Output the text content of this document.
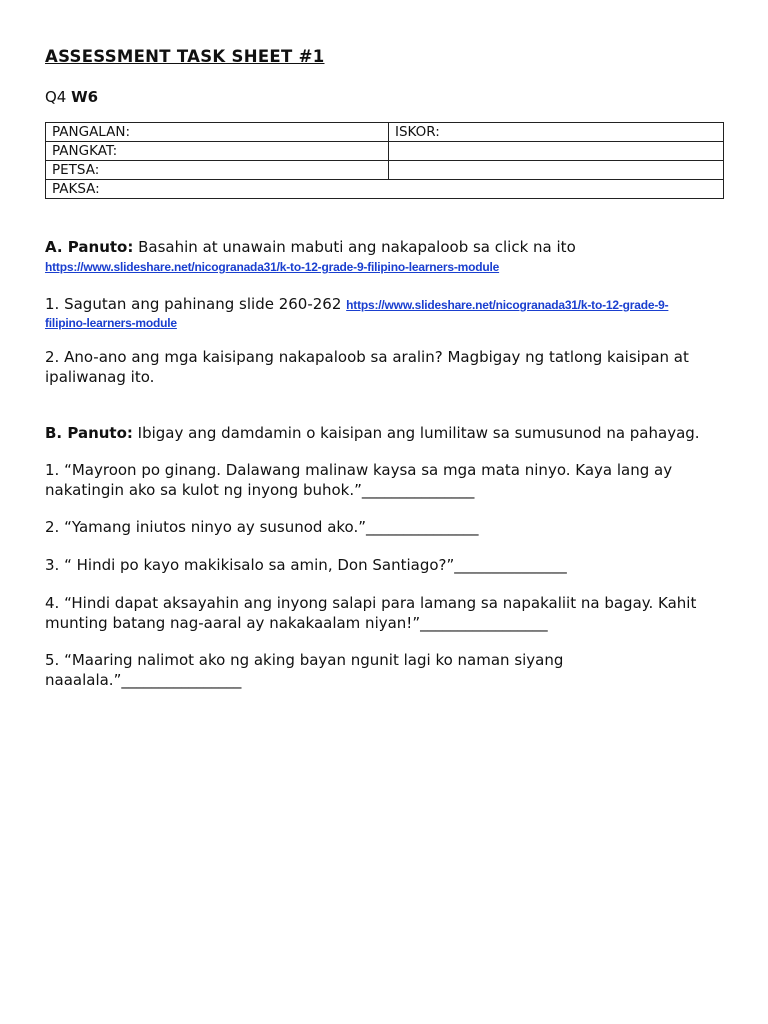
ASSESSMENT TASK SHEET #1
Q4 W6
PANGALAN:	ISKOR:
PANGKAT:	
PETSA:	
PAKSA:	
A. Panuto: Basahin at unawain mabuti ang nakapaloob sa click na ito
https://www.slideshare.net/nicogranada31/k-to-12-grade-9-filipino-learners-module
1. Sagutan ang pahinang slide 260-262 https://www.slideshare.net/nicogranada31/k-to-12-grade-9-
filipino-learners-module
2. Ano-ano ang mga kaisipang nakapaloob sa aralin? Magbigay ng tatlong kaisipan at
ipaliwanag ito.
B. Panuto: Ibigay ang damdamin o kaisipan ang lumilitaw sa sumusunod na pahayag.
1. “Mayroon po ginang. Dalawang malinaw kaysa sa mga mata ninyo. Kaya lang ay
nakatingin ako sa kulot ng inyong buhok.”_______________
2. “Yamang iniutos ninyo ay susunod ako.”_______________
3. “ Hindi po kayo makikisalo sa amin, Don Santiago?”_______________
4. “Hindi dapat aksayahin ang inyong salapi para lamang sa napakaliit na bagay. Kahit
munting batang nag-aaral ay nakakaalam niyan!”_________________
5. “Maaring nalimot ako ng aking bayan ngunit lagi ko naman siyang
naaalala.”________________
